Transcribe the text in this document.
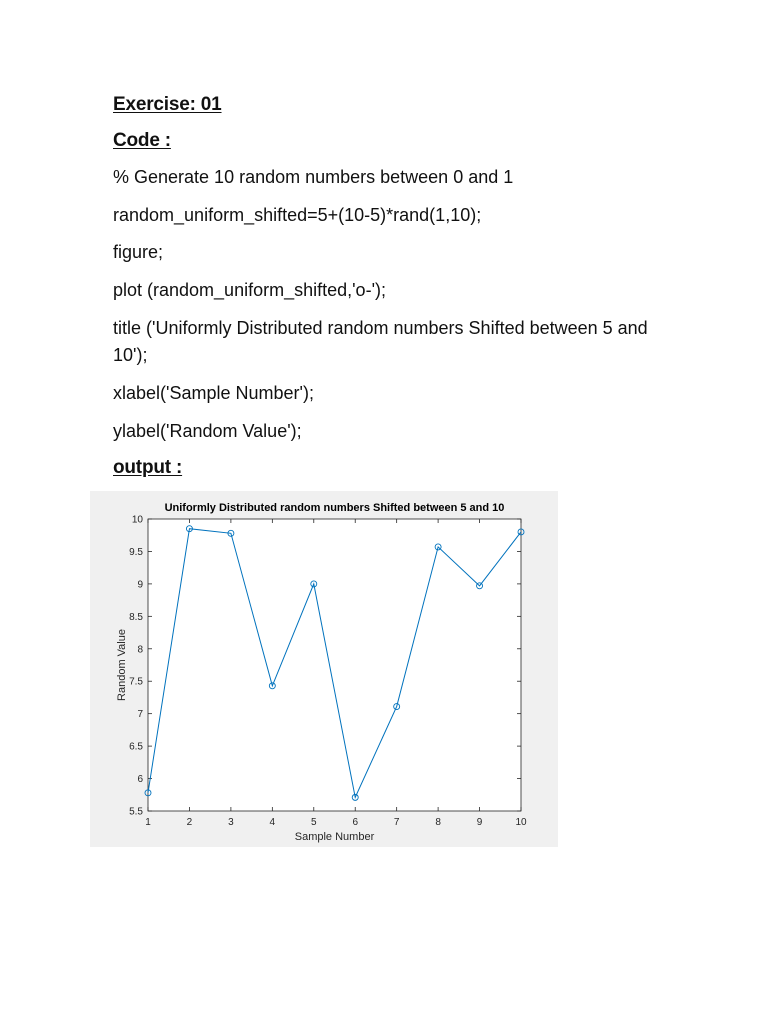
Exercise: 01
Code :

% Generate 10 random numbers between 0 and 1

random_uniform_shifted=5+(10-5)*rand(1,10);

figure;

plot (random_uniform_shifted,'o-');

title ('Uniformly Distributed random numbers Shifted between 5 and 10');

xlabel('Sample Number');

ylabel('Random Value');

output :
1	2	3	4	5	6	7	8	9	10
5.5
6
6.5
7
7.5
8
8.5
9
9.5
10
Uniformly Distributed random numbers Shifted between 5 and 10
Sample Number
Random Value
